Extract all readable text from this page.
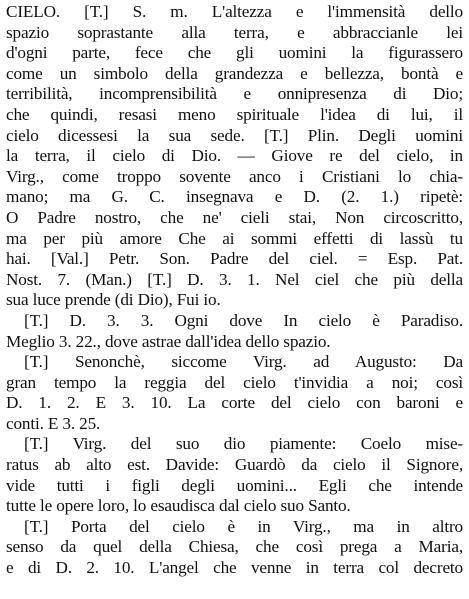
CIELO. [T.] S. m. L'altezza e l'immensità dello
spazio soprastante alla terra, e abbraccianle lei
d'ogni parte, fece che gli uomini la figurassero
come un simbolo della grandezza e bellezza, bontà e
terribilità, incomprensibilità e onnipresenza di Dio;
che quindi, resasi meno spirituale l'idea di lui, il
cielo dicessesi la sua sede. [T.] Plin. Degli uomini
la terra, il cielo di Dio. — Giove re del cielo, in
Virg., come troppo sovente anco i Cristiani lo chia-
mano; ma G. C. insegnava e D. (2. 1.) ripetè:
O Padre nostro, che ne' cieli stai, Non circoscritto,
ma per più amore Che ai sommi effetti di lassù tu
hai. [Val.] Petr. Son. Padre del ciel. = Esp. Pat.
Nost. 7. (Man.) [T.] D. 3. 1. Nel ciel che più della
sua luce prende (di Dio), Fui io.
[T.] D. 3. 3. Ogni dove In cielo è Paradiso.
Meglio 3. 22., dove astrae dall'idea dello spazio.
[T.] Senonchè, siccome Virg. ad Augusto: Da
gran tempo la reggia del cielo t'invidia a noi; così
D. 1. 2. E 3. 10. La corte del cielo con baroni e
conti. E 3. 25.
[T.] Virg. del suo dio piamente: Coelo mise-
ratus ab alto est. Davide: Guardò da cielo il Signore,
vide tutti i figli degli uomini... Egli che intende
tutte le opere loro, lo esaudisca dal cielo suo Santo.
[T.] Porta del cielo è in Virg., ma in altro
senso da quel della Chiesa, che così prega a Maria,
e di D. 2. 10. L'angel che venne in terra col decreto
